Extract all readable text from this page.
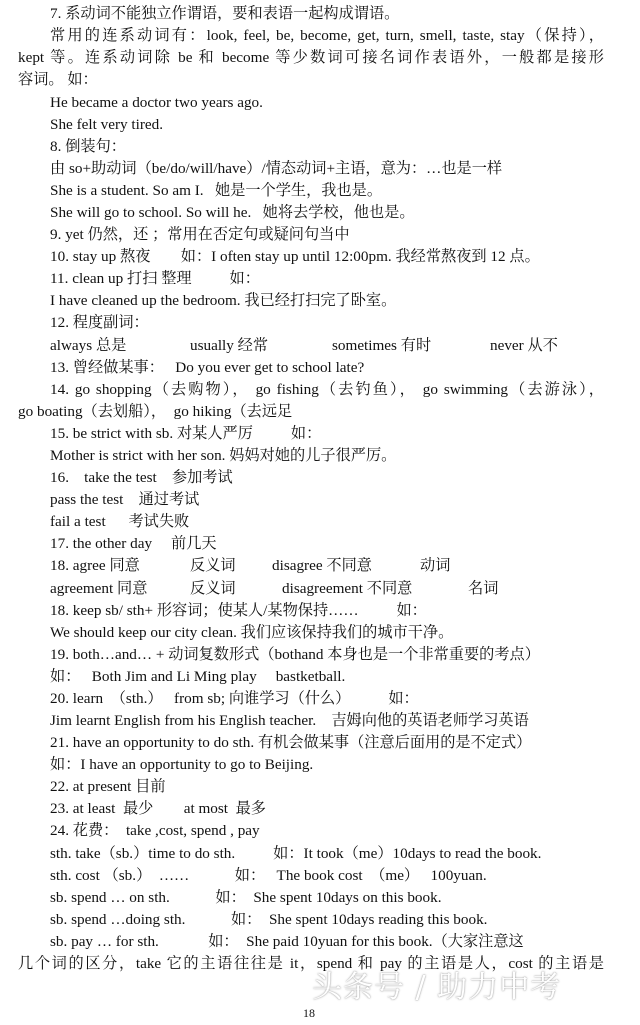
7. 系动词不能独立作谓语，要和表语一起构成谓语。
常用的连系动词有：look, feel, be, become, get, turn, smell, taste, stay（保持），
kept 等。连系动词除 be 和 become 等少数词可接名词作表语外，一般都是接形
容词。 如：
He became a doctor two years ago.
She felt very tired.
8. 倒装句：
由 so+助动词（be/do/will/have）/情态动词+主语，意为：…也是一样
She is a student. So am I.   她是一个学生，我也是。
She will go to school. So will he.   她将去学校，他也是。
9. yet 仍然，还 ；常用在否定句或疑问句当中
10. stay up 熬夜        如：I often stay up until 12:00pm. 我经常熬夜到 12 点。
11. clean up 打扫 整理          如：
I have cleaned up the bedroom. 我已经打扫完了卧室。
12. 程度副词：
always 总是	usually 经常	sometimes 有时	never 从不
13. 曾经做某事：   Do you ever get to school late?
14. go shopping（去购物）， go fishing（去钓鱼）， go swimming（去游泳），
go boating（去划船），  go hiking（去远足
15. be strict with sb. 对某人严厉          如：
Mother is strict with her son. 妈妈对她的儿子很严厉。
16.    take the test    参加考试
pass the test    通过考试
fail a test      考试失败
17. the other day     前几天
18. agree 同意	反义词 disagree 不同意	动词
agreement 同意	反义词	disagreement 不同意	名词
18. keep sb/ sth+ 形容词；使某人/某物保持……          如：
We should keep our city clean. 我们应该保持我们的城市干净。
19. both…and… + 动词复数形式（bothand 本身也是一个非常重要的考点）
如：   Both Jim and Li Ming play     bastketball.
20. learn  （sth.）   from sb; 向谁学习（什么）          如：
Jim learnt English from his English teacher.    吉姆向他的英语老师学习英语
21. have an opportunity to do sth. 有机会做某事（注意后面用的是不定式）
如：I have an opportunity to go to Beijing.
22. at present 目前
23. at least  最少        at most  最多
24. 花费：  take ,cost, spend , pay
sth. take（sb.）time to do sth.          如：It took（me）10days to read the book.
sth. cost （sb.）  ……            如：   The book cost  （me）   100yuan.
sb. spend … on sth.            如：  She spent 10days on this book.
sb. spend …doing sth.            如：  She spent 10days reading this book.
sb. pay … for sth.             如：  She paid 10yuan for this book.（大家注意这
几个词的区分，take 它的主语往往是 it，spend 和 pay 的主语是人，cost 的主语是
头条号 / 助力中考
18
